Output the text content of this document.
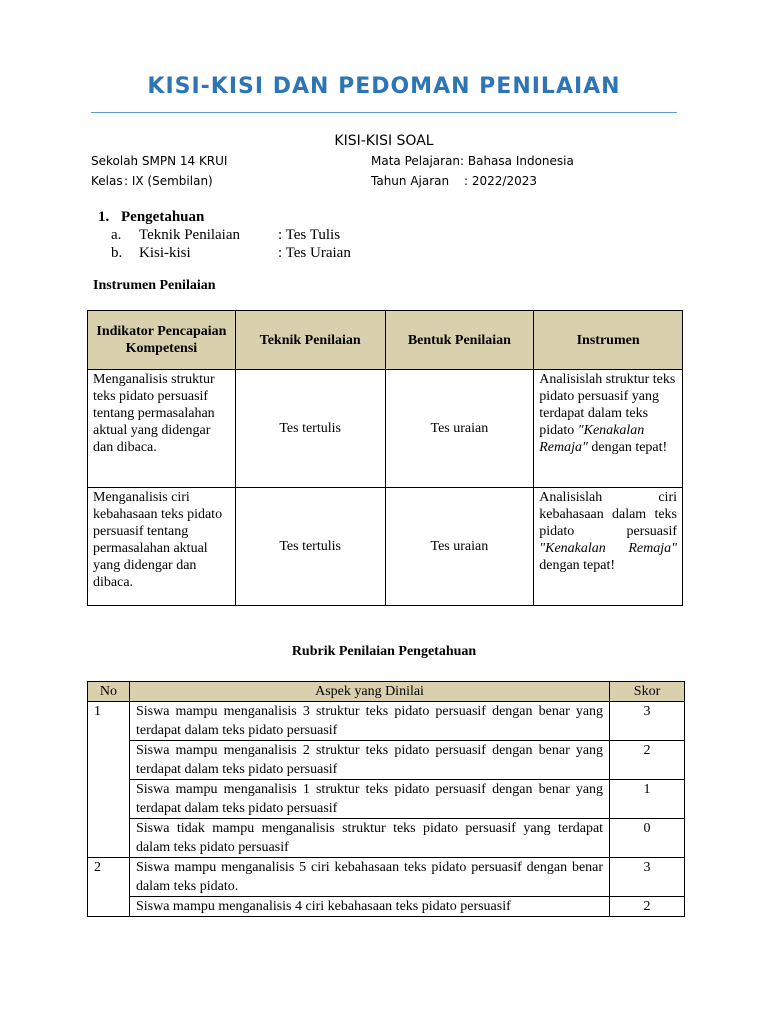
KISI-KISI DAN PEDOMAN PENILAIAN
KISI-KISI SOAL
Sekolah
: SMPN 14 KRUI
Kelas : IX (Sembilan)
Mata Pelajaran : Bahasa Indonesia
Tahun Ajaran : 2022/2023
1. Pengetahuan
a. Teknik Penilaian	: Tes Tulis
b. Kisi-kisi	: Tes Uraian
Instrumen Penilaian
Indikator Pencapaian Kompetensi	Teknik Penilaian	Bentuk Penilaian	Instrumen
Menganalisis struktur teks pidato persuasif tentang permasalahan aktual yang didengar dan dibaca.	Tes tertulis	Tes uraian	Analisislah struktur teks pidato persuasif yang terdapat dalam teks pidato "Kenakalan Remaja" dengan tepat!
Menganalisis ciri kebahasaan teks pidato persuasif tentang permasalahan aktual yang didengar dan dibaca.	Tes tertulis	Tes uraian	Analisislah ciri kebahasaan dalam teks pidato persuasif "Kenakalan Remaja" dengan tepat!
Rubrik Penilaian Pengetahuan
No	Aspek yang Dinilai	Skor
1	Siswa mampu menganalisis 3 struktur teks pidato persuasif dengan benar yang terdapat dalam teks pidato persuasif	3
	Siswa mampu menganalisis 2 struktur teks pidato persuasif dengan benar yang terdapat dalam teks pidato persuasif	2
	Siswa mampu menganalisis 1 struktur teks pidato persuasif dengan benar yang terdapat dalam teks pidato persuasif	1
	Siswa tidak mampu menganalisis struktur teks pidato persuasif yang terdapat dalam teks pidato persuasif	0
2	Siswa mampu menganalisis 5 ciri kebahasaan teks pidato persuasif dengan benar dalam teks pidato.	3
	Siswa mampu menganalisis 4 ciri kebahasaan teks pidato persuasif	2
